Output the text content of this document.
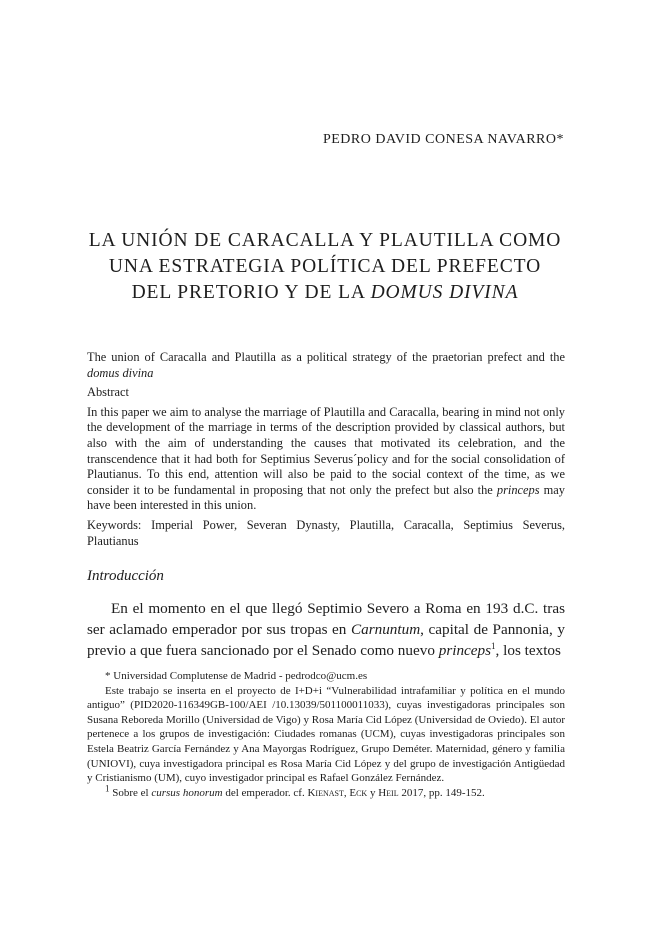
PEDRO DAVID CONESA NAVARRO*
LA UNIÓN DE CARACALLA Y PLAUTILLA COMO
UNA ESTRATEGIA POLÍTICA DEL PREFECTO
DEL PRETORIO Y DE LA DOMUS DIVINA

The union of Caracalla and Plautilla as a political strategy of the praetorian prefect and the domus divina

Abstract

In this paper we aim to analyse the marriage of Plautilla and Caracalla, bearing in mind not only the development of the marriage in terms of the description provided by classical authors, but also with the aim of understanding the causes that motivated its celebration, and the transcendence that it had both for Septimius Severus´policy and for the social consolidation of Plautianus. To this end, attention will also be paid to the social context of the time, as we consider it to be fundamental in proposing that not only the prefect but also the princeps may have been interested in this union.

Keywords: Imperial Power, Severan Dynasty, Plautilla, Caracalla, Septimius Severus, Plautianus

Introducción

En el momento en el que llegó Septimio Severo a Roma en 193 d.C. tras ser aclamado emperador por sus tropas en Carnuntum, capital de Pannonia, y previo a que fuera sancionado por el Senado como nuevo princeps$^1$, los textos

* Universidad Complutense de Madrid - pedrodco@ucm.es

Este trabajo se inserta en el proyecto de I+D+i “Vulnerabilidad intrafamiliar y política en el mundo antiguo” (PID2020-116349GB-100/AEI /10.13039/501100011033), cuyas investigadoras principales son Susana Reboreda Morillo (Universidad de Vigo) y Rosa María Cid López (Universidad de Oviedo). El autor pertenece a los grupos de investigación: Ciudades romanas (UCM), cuyas investigadoras principales son Estela Beatriz García Fernández y Ana Mayorgas Rodríguez, Grupo Deméter. Maternidad, género y familia (UNIOVI), cuya investigadora principal es Rosa María Cid López y del grupo de investigación Antigüedad y Cristianismo (UM), cuyo investigador principal es Rafael González Fernández.

$^1$ Sobre el cursus honorum del emperador. cf. Kienast, Eck y Heil 2017, pp. 149-152.
